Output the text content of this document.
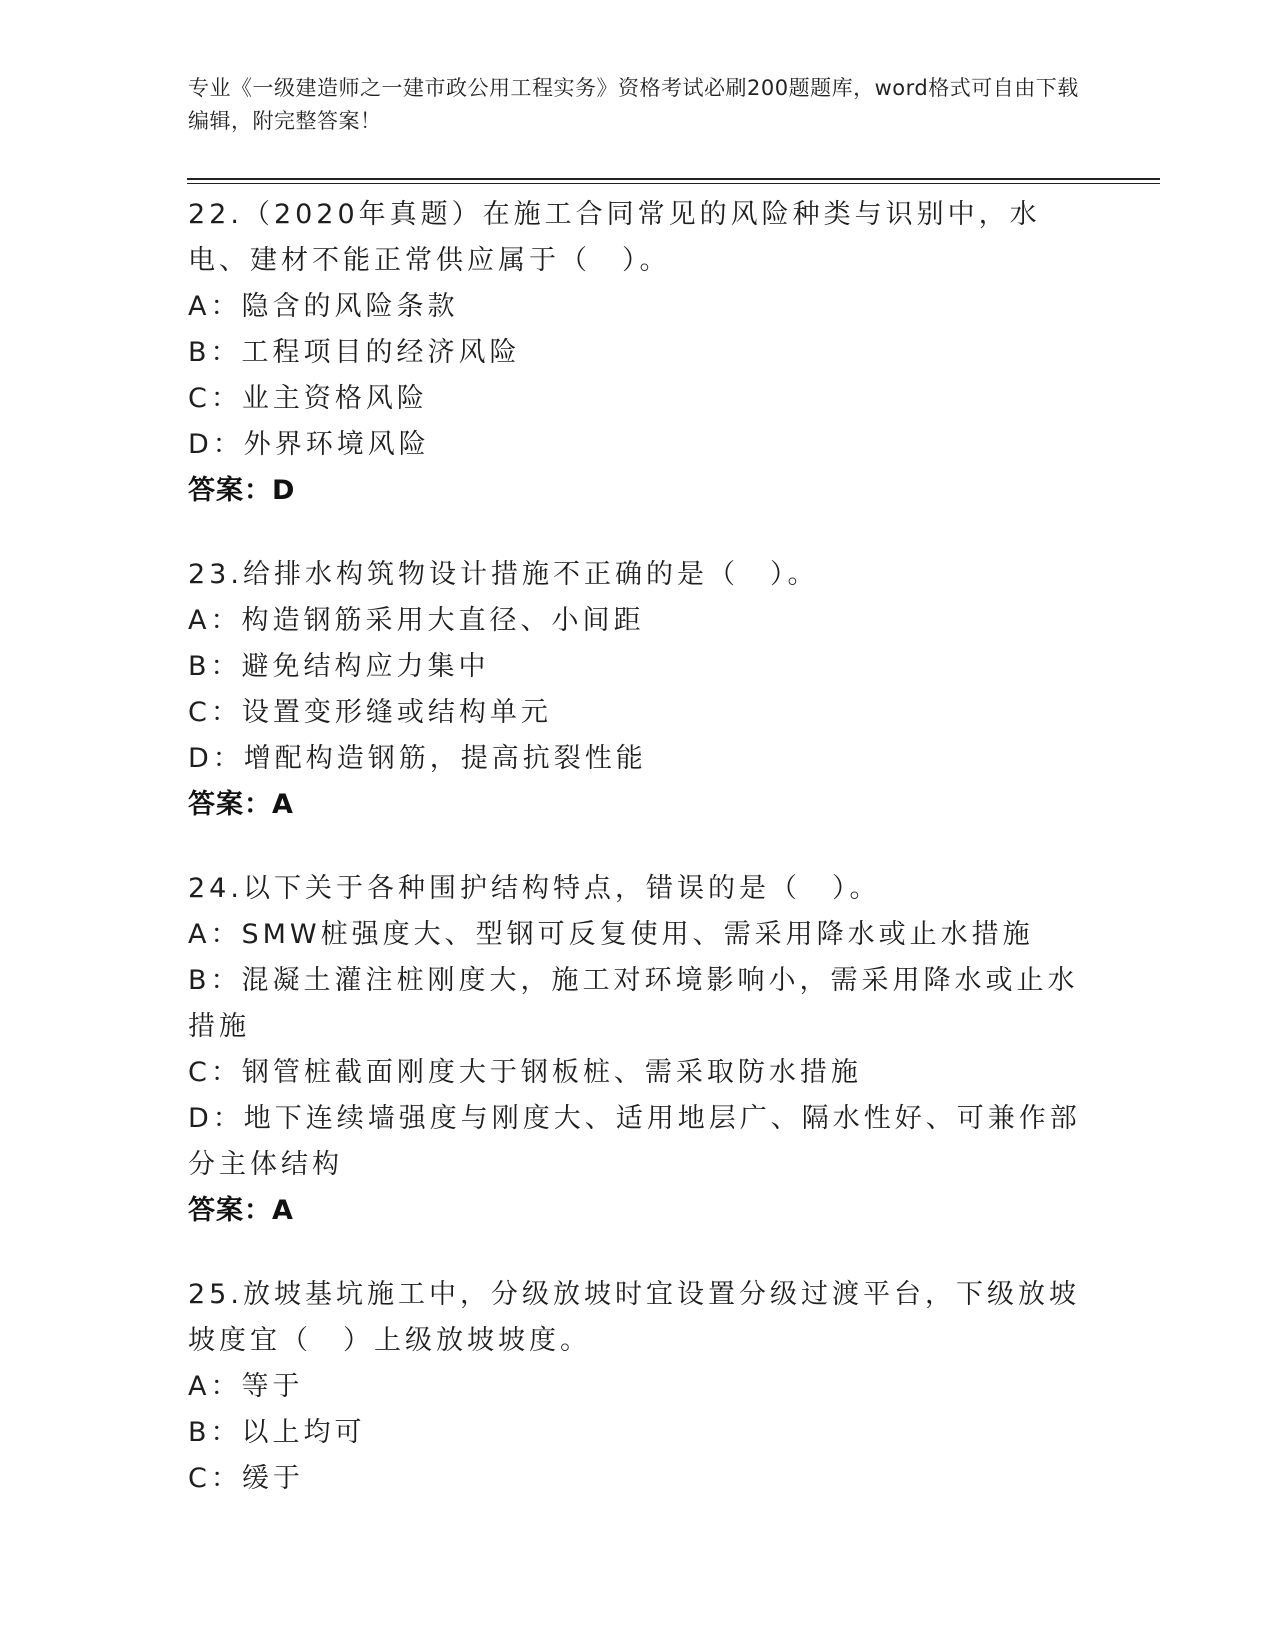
专业《一级建造师之一建市政公用工程实务》资格考试必刷200题题库，word格式可自由下载编辑，附完整答案！

22.（2020年真题）在施工合同常见的风险种类与识别中，水电、建材不能正常供应属于（　）。

A：隐含的风险条款

B：工程项目的经济风险

C：业主资格风险

D：外界环境风险

答案：D

23.给排水构筑物设计措施不正确的是（　）。

A：构造钢筋采用大直径、小间距

B：避免结构应力集中

C：设置变形缝或结构单元

D：增配构造钢筋，提高抗裂性能

答案：A

24.以下关于各种围护结构特点，错误的是（　）。

A：SMW桩强度大、型钢可反复使用、需采用降水或止水措施

B：混凝土灌注桩刚度大，施工对环境影响小，需采用降水或止水措施

C：钢管桩截面刚度大于钢板桩、需采取防水措施

D：地下连续墙强度与刚度大、适用地层广、隔水性好、可兼作部分主体结构

答案：A

25.放坡基坑施工中，分级放坡时宜设置分级过渡平台，下级放坡坡度宜（　）上级放坡坡度。

A：等于

B：以上均可

C：缓于
